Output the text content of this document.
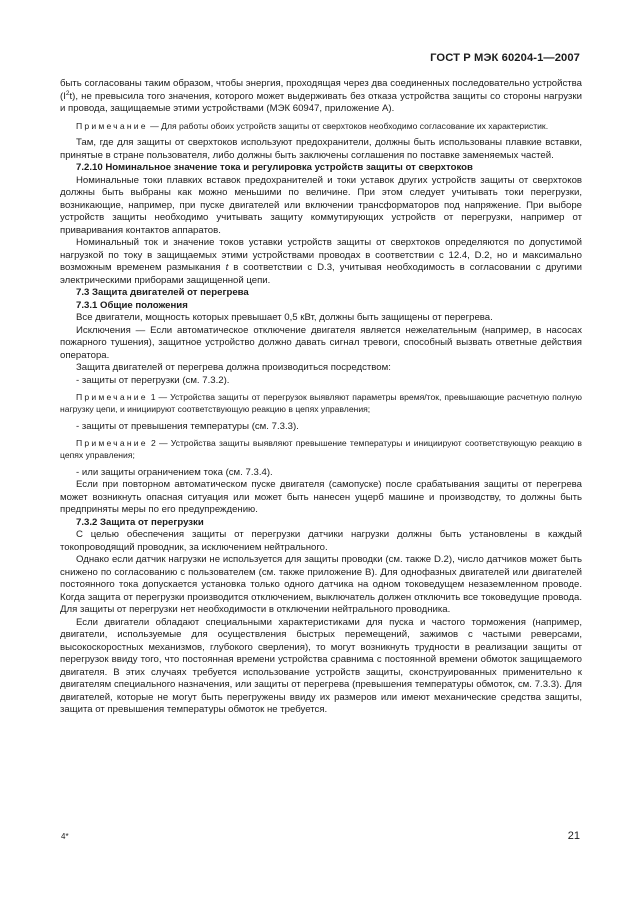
ГОСТ Р МЭК 60204-1—2007

быть согласованы таким образом, чтобы энергия, проходящая через два соединенных последовательно устройства $(I^2t)$, не превысила того значения, которого может выдерживать без отказа устройства защиты со стороны нагрузки и провода, защищаемые этими устройствами (МЭК 60947, приложение А).

Примечание — Для работы обоих устройств защиты от сверхтоков необходимо согласование их характеристик.

Там, где для защиты от сверхтоков используют предохранители, должны быть использованы плавкие вставки, принятые в стране пользователя, либо должны быть заключены соглашения по поставке заменяемых частей.

7.2.10 Номинальное значение тока и регулировка устройств защиты от сверхтоков

Номинальные токи плавких вставок предохранителей и токи уставок других устройств защиты от сверхтоков должны быть выбраны как можно меньшими по величине. При этом следует учитывать токи перегрузки, возникающие, например, при пуске двигателей или включении трансформаторов под напряжение. При выборе устройств защиты необходимо учитывать защиту коммутирующих устройств от перегрузки, например от приваривания контактов аппаратов.

Номинальный ток и значение токов уставки устройств защиты от сверхтоков определяются по допустимой нагрузкой по току в защищаемых этими устройствами проводах в соответствии с 12.4, D.2, но и максимально возможным временем размыкания t в соответствии с D.3, учитывая необходимость в согласовании с другими электрическими приборами защищенной цепи.

7.3 Защита двигателей от перегрева

7.3.1 Общие положения

Все двигатели, мощность которых превышает 0,5 кВт, должны быть защищены от перегрева.

Исключения — Если автоматическое отключение двигателя является нежелательным (например, в насосах пожарного тушения), защитное устройство должно давать сигнал тревоги, способный вызвать ответные действия оператора.

Защита двигателей от перегрева должна производиться посредством:

- защиты от перегрузки (см. 7.3.2).

Примечание 1 — Устройства защиты от перегрузок выявляют параметры время/ток, превышающие расчетную полную нагрузку цепи, и инициируют соответствующую реакцию в цепях управления;

- защиты от превышения температуры (см. 7.3.3).

Примечание 2 — Устройства защиты выявляют превышение температуры и инициируют соответствующую реакцию в цепях управления;

- или защиты ограничением тока (см. 7.3.4).

Если при повторном автоматическом пуске двигателя (самопуске) после срабатывания защиты от перегрева может возникнуть опасная ситуация или может быть нанесен ущерб машине и производству, то должны быть предприняты меры по его предупреждению.

7.3.2 Защита от перегрузки

С целью обеспечения защиты от перегрузки датчики нагрузки должны быть установлены в каждый токопроводящий проводник, за исключением нейтрального.

Однако если датчик нагрузки не используется для защиты проводки (см. также D.2), число датчиков может быть снижено по согласованию с пользователем (см. также приложение В). Для однофазных двигателей или двигателей постоянного тока допускается установка только одного датчика на одном токоведущем незаземленном проводе. Когда защита от перегрузки производится отключением, выключатель должен отключить все токоведущие провода. Для защиты от перегрузки нет необходимости в отключении нейтрального проводника.

Если двигатели обладают специальными характеристиками для пуска и частого торможения (например, двигатели, используемые для осуществления быстрых перемещений, зажимов с частыми реверсами, высокоскоростных механизмов, глубокого сверления), то могут возникнуть трудности в реализации защиты от перегрузок ввиду того, что постоянная времени устройства сравнима с постоянной времени обмоток защищаемого двигателя. В этих случаях требуется использование устройств защиты, сконструированных применительно к двигателям специального назначения, или защиты от перегрева (превышения температуры обмоток, см. 7.3.3). Для двигателей, которые не могут быть перегружены ввиду их размеров или имеют механические средства защиты, защита от превышения температуры обмоток не требуется.

4*	21
